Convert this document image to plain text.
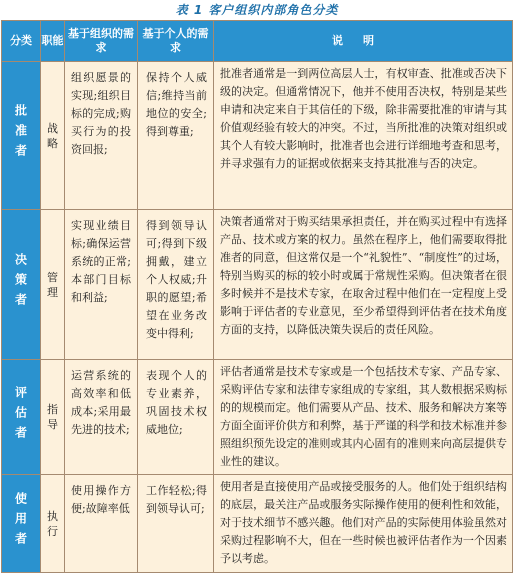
表 1 客户组织内部角色分类
分类	职能	基于组织的需求	基于个人的需求	说明
批准者	战略	组织愿景的实现;组织目标的完成;购买行为的投资回报;	保持个人威信;维持当前地位的安全;得到尊重;	批准者通常是一到两位高层人士，有权审查、批准或否决下级的决定。但通常情况下，他并不使用否决权，特别是某些申请和决定来自于其信任的下级，除非需要批准的审请与其价值观经验有较大的冲突。不过，当所批准的决策对组织或其个人有较大影响时，批准者也会进行详细地考查和思考，并寻求强有力的证据或依据来支持其批准与否的决定。
决策者	管理	实现业绩目标;确保运营系统的正常;本部门目标和利益;	得到领导认可;得到下级拥戴，建立个人权威;升职的愿望;希望在业务改变中得利;	决策者通常对于购买结果承担责任，并在购买过程中有选择产品、技术或方案的权力。虽然在程序上，他们需要取得批准者的同意，但这常仅是一个“礼貌性”、“制度性”的过场，特别当购买的标的较小时或属于常规性采购。但决策者在很多时候并不是技术专家，在取舍过程中他们在一定程度上受影响于评估者的专业意见，至少希望得到评估者在技术角度方面的支持，以降低决策失误后的责任风险。
评估者	指导	运营系统的高效率和低成本;采用最先进的技术;	表现个人的专业素养，巩固技术权威地位;	评估者通常是技术专家或是一个包括技术专家、产品专家、采购评估专家和法律专家组成的专家组，其人数根据采购标的的规模而定。他们需要从产品、技术、服务和解决方案等方面全面评价供方和利弊，基于严谨的科学和技术标准并参照组织预先设定的准则或其内心固有的准则来向高层提供专业性的建议。
使用者	执行	使用操作方便;故障率低	工作轻松;得到领导认可;	使用者是直接使用产品或接受服务的人。他们处于组织结构的底层，最关注产品或服务实际操作使用的便利性和效能，对于技术细节不感兴趣。他们对产品的实际使用体验虽然对采购过程影响不大，但在一些时候也被评估者作为一个因素予以考虑。
